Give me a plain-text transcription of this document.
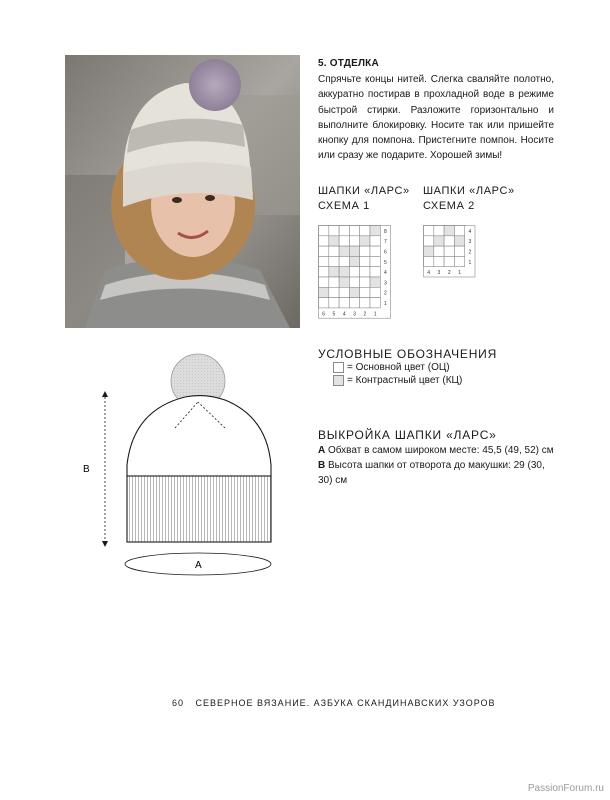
5. ОТДЕЛКА
Спрячьте концы нитей. Слегка сваляйте полотно, аккуратно постирав в прохладной воде в режиме быстрой стирки. Разложите горизонтально и выполните блокировку. Носите так или пришейте кнопку для помпона. Пристегните помпон. Носите или сразу же подарите. Хорошей зимы!
ШАПКИ «ЛАРС»
СХЕМА 1
ШАПКИ «ЛАРС»
СХЕМА 2
8
7
6
5
4
3
2
1
6 5 4 3 2 1
4
3
2
1
4 3 2 1
УСЛОВНЫЕ ОБОЗНАЧЕНИЯ
= Основной цвет (ОЦ)
= Контрастный цвет (КЦ)
ВЫКРОЙКА ШАПКИ «ЛАРС»
A Обхват в самом широком месте: 45,5 (49, 52) см
В Высота шапки от отворота до макушки: 29 (30, 30) см
В
A
60 СЕВЕРНОЕ ВЯЗАНИЕ. АЗБУКА СКАНДИНАВСКИХ УЗОРОВ
PassionForum.ru
